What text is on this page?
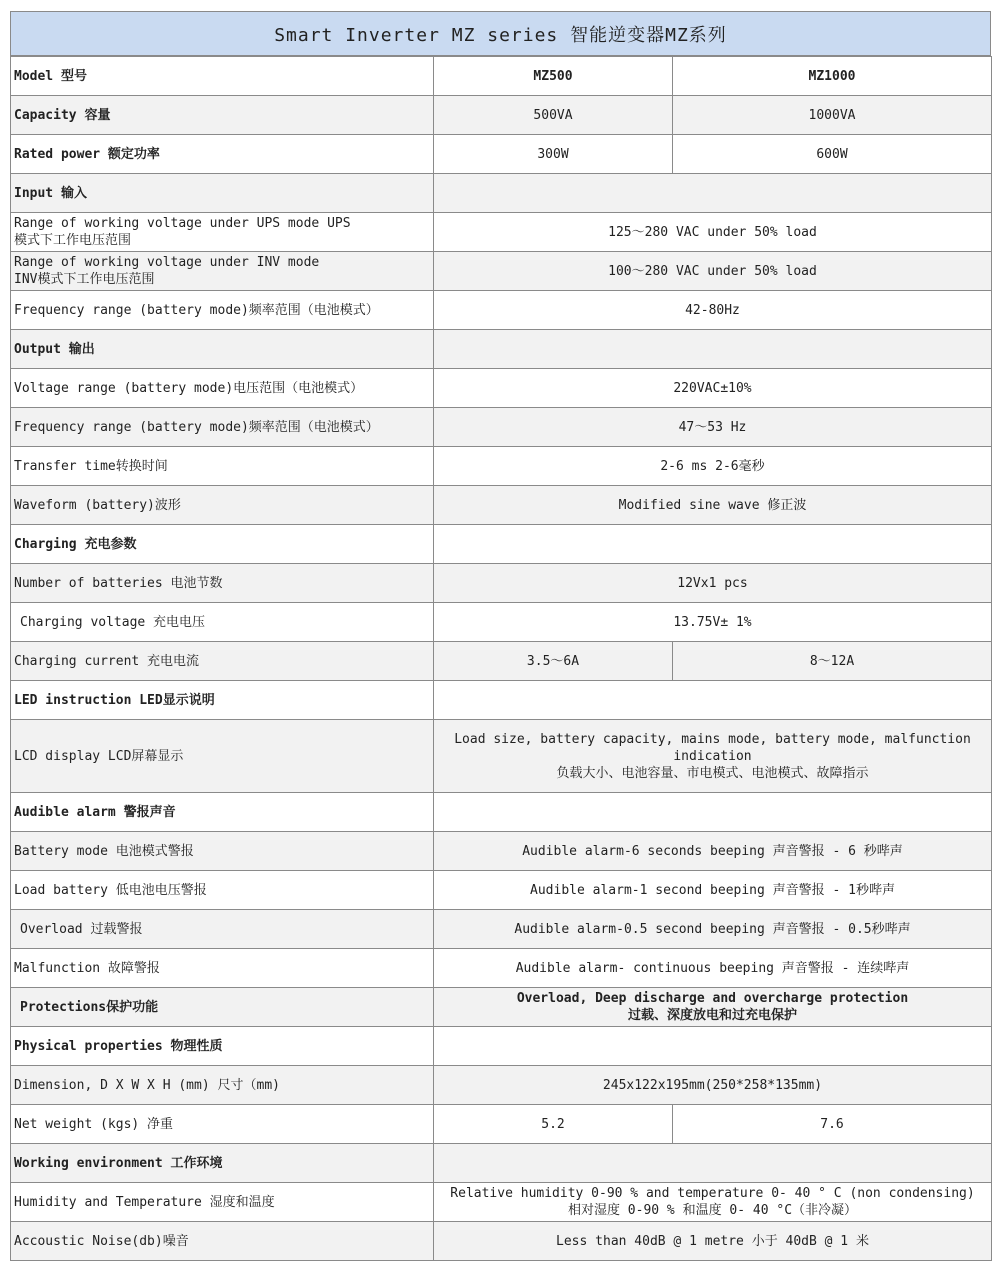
Smart Inverter MZ series 智能逆变器MZ系列
Model 型号	MZ500	MZ1000
Capacity 容量	500VA	1000VA
Rated power 额定功率	300W	600W
Input 输入		

Range of working voltage under UPS mode UPS
模式下工作电压范围	125～280 VAC under 50% load	

Range of working voltage under INV mode
INV模式下工作电压范围	100～280 VAC under 50% load	
Frequency range (battery mode)频率范围（电池模式）	42-80Hz	
Output 输出		
Voltage range (battery mode)电压范围（电池模式）	220VAC±10%	
Frequency range (battery mode)频率范围（电池模式）	47～53 Hz	
Transfer time转换时间	2-6 ms 2-6毫秒	
Waveform (battery)波形	Modified sine wave 修正波	
Charging 充电参数		
Number of batteries 电池节数	12Vx1 pcs	
Charging voltage 充电电压	13.75V± 1%	
Charging current 充电电流	3.5～6A	8～12A
LED instruction LED显示说明		
LCD display LCD屏幕显示	Load size, battery capacity, mains mode, battery mode, malfunction
indication
负载大小、电池容量、市电模式、电池模式、故障指示	

Audible alarm 警报声音		
Battery mode 电池模式警报	Audible alarm-6 seconds beeping 声音警报 - 6 秒哔声	
Load battery 低电池电压警报	Audible alarm-1 second beeping 声音警报 - 1秒哔声	
Overload 过载警报	Audible alarm-0.5 second beeping 声音警报 - 0.5秒哔声	
Malfunction 故障警报	Audible alarm- continuous beeping 声音警报 - 连续哔声	
Protections保护功能	Overload, Deep discharge and overcharge protection
过载、深度放电和过充电保护	

Physical properties 物理性质		
Dimension, D X W X H (mm) 尺寸（mm)	245x122x195mm(250*258*135mm)	
Net weight (kgs) 净重	5.2	7.6
Working environment 工作环境		
Humidity and Temperature 湿度和温度	Relative humidity 0-90 % and temperature 0- 40 ° C (non condensing)
相对湿度 0-90 % 和温度 0- 40 °C（非冷凝）	

Accoustic Noise(db)噪音	Less than 40dB @ 1 metre 小于 40dB @ 1 米	
